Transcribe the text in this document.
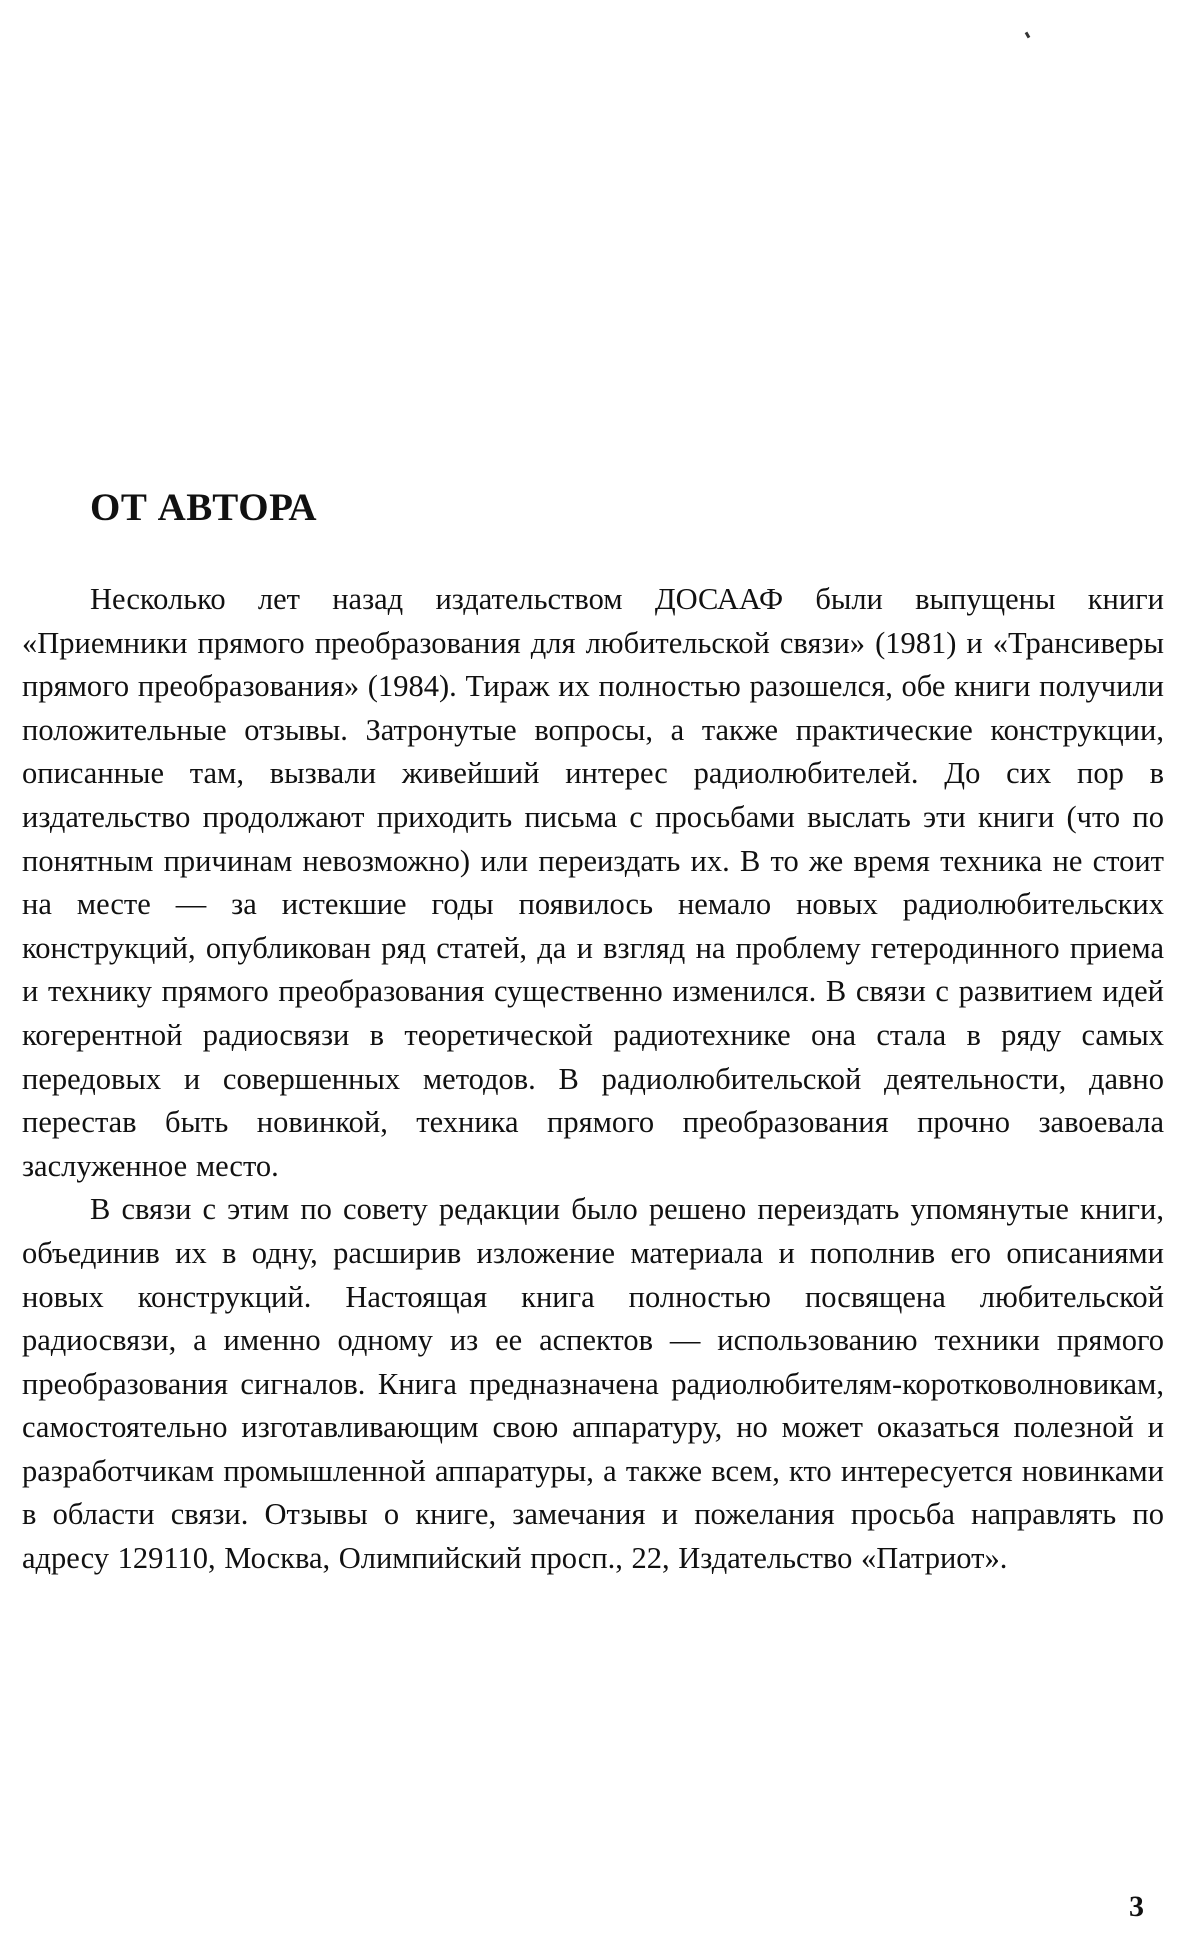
ОТ АВТОРА

Несколько лет назад издательством ДОСААФ были выпущены книги «Приемники прямого преобразования для любительской связи» (1981) и «Трансиверы прямого преобразования» (1984). Тираж их полностью разошелся, обе книги получили положительные отзывы. Затронутые вопросы, а также практические конструкции, описанные там, вызвали живейший интерес радиолюбителей. До сих пор в издательство продолжают приходить письма с просьбами выслать эти книги (что по понятным причинам невозможно) или переиздать их. В то же время техника не стоит на месте — за истекшие годы появилось немало новых радиолюбительских конструкций, опубликован ряд статей, да и взгляд на проблему гетеродинного приема и технику прямого преобразования существенно изменился. В связи с развитием идей когерентной радиосвязи в теоретической радиотехнике она стала в ряду самых передовых и совершенных методов. В радиолюбительской деятельности, давно перестав быть новинкой, техника прямого преобразования прочно завоевала заслуженное место.

В связи с этим по совету редакции было решено переиздать упомянутые книги, объединив их в одну, расширив изложение материала и пополнив его описаниями новых конструкций. Настоящая книга полностью посвящена любительской радиосвязи, а именно одному из ее аспектов — использованию техники прямого преобразования сигналов. Книга предназначена радиолюбителям-коротковолновикам, самостоятельно изготавливающим свою аппаратуру, но может оказаться полезной и разработчикам промышленной аппаратуры, а также всем, кто интересуется новинками в области связи. Отзывы о книге, замечания и пожелания просьба направлять по адресу 129110, Москва, Олимпийский просп., 22, Издательство «Патриот».

3
